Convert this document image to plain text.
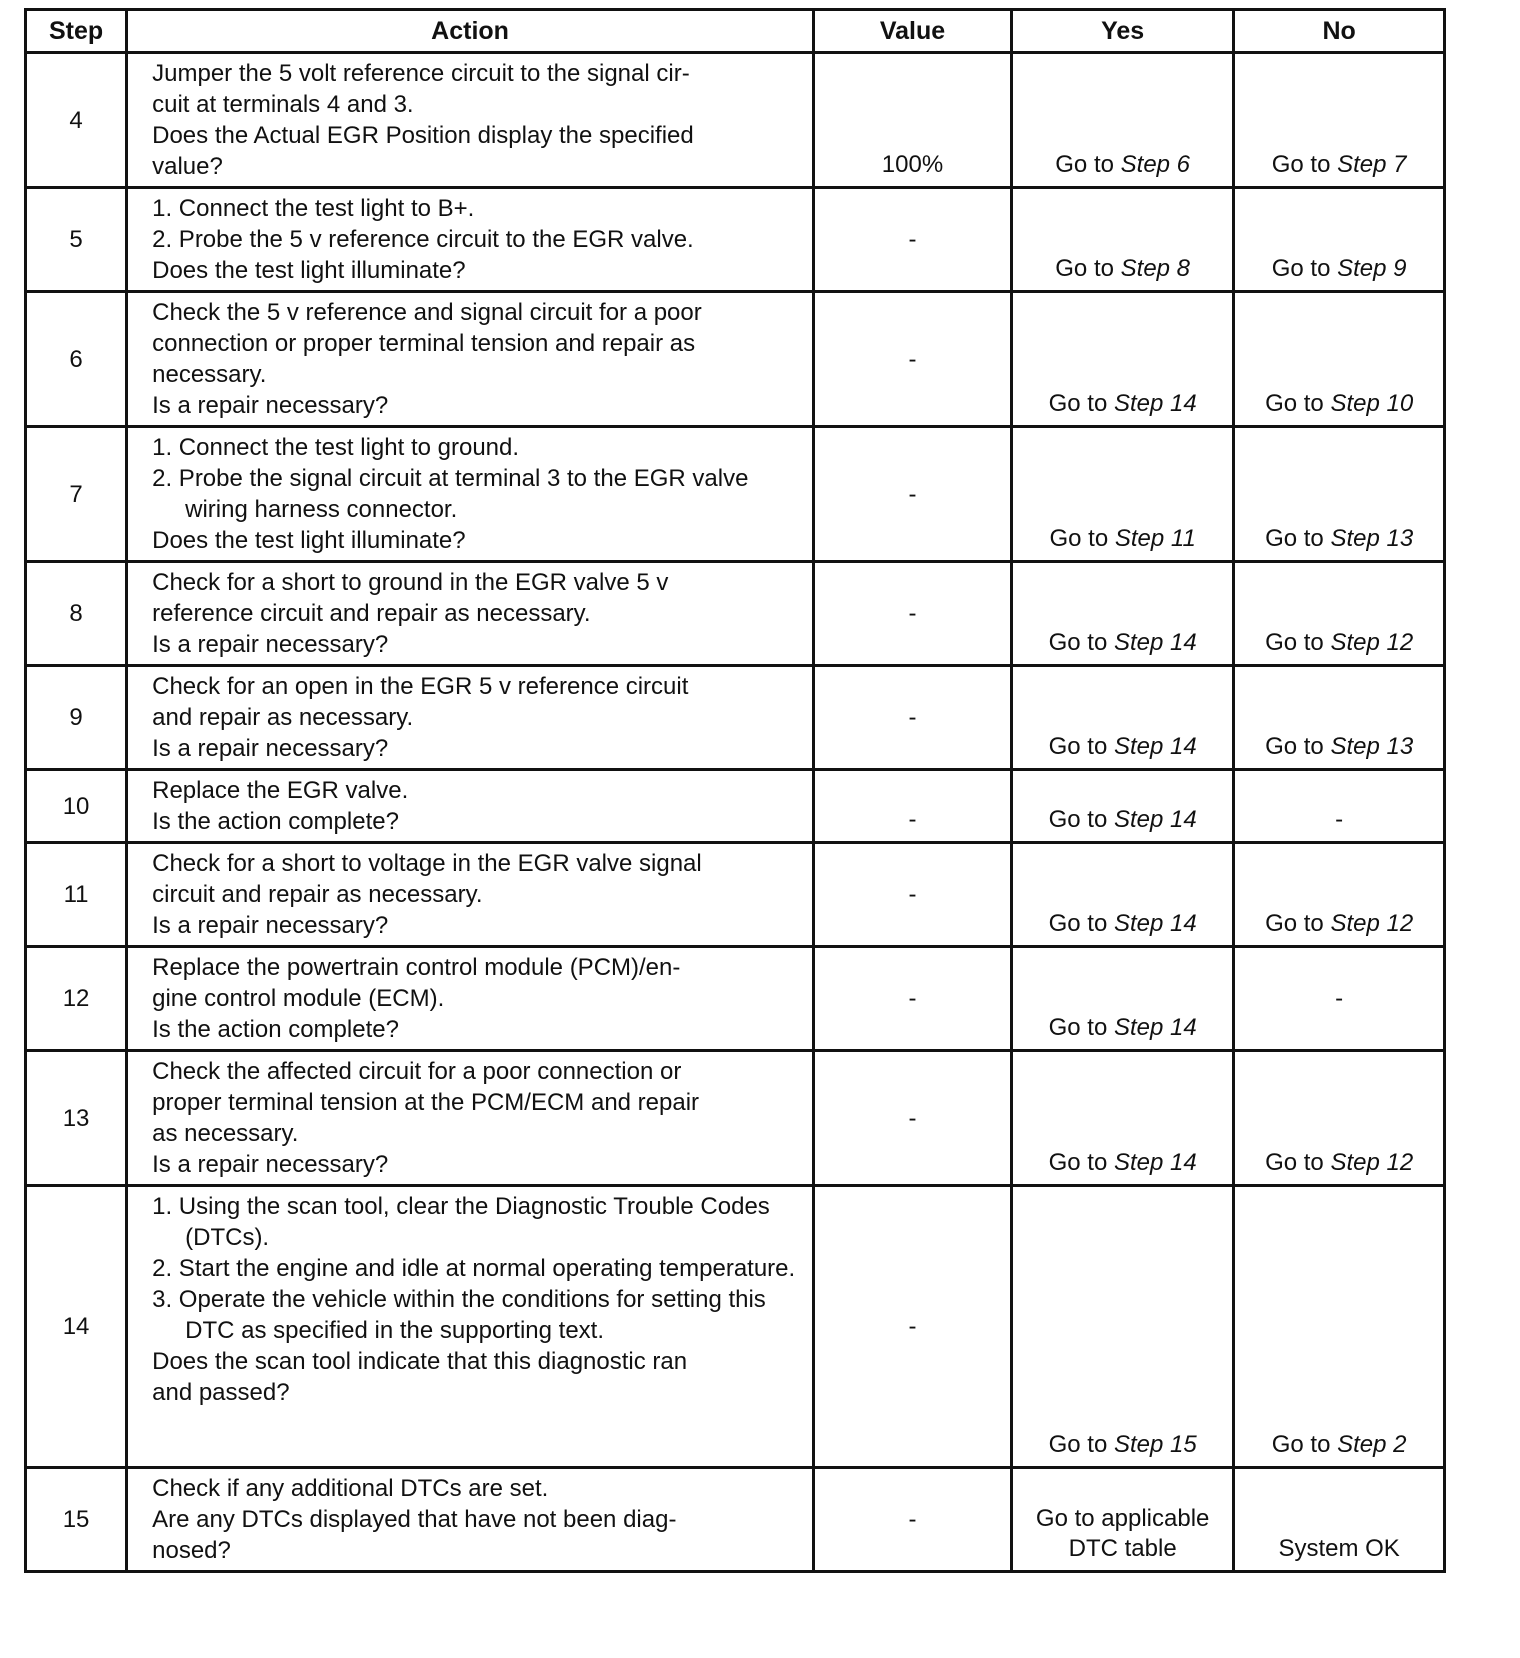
Step	Action	Value	Yes	No
4	Jumper the 5 volt reference circuit to the signal cir-
cuit at terminals 4 and 3.
Does the Actual EGR Position display the specified
value?	100%	Go to Step 6	Go to Step 7
5	1. Connect the test light to B+.
2. Probe the 5 v reference circuit to the EGR valve.
Does the test light illuminate?	-	Go to Step 8	Go to Step 9
6	Check the 5 v reference and signal circuit for a poor
connection or proper terminal tension and repair as
necessary.
Is a repair necessary?	-	Go to Step 14	Go to Step 10
7	1. Connect the test light to ground.
2. Probe the signal circuit at terminal 3 to the EGR valve wiring harness connector.
Does the test light illuminate?	-	Go to Step 11	Go to Step 13
8	Check for a short to ground in the EGR valve 5 v
reference circuit and repair as necessary.
Is a repair necessary?	-	Go to Step 14	Go to Step 12
9	Check for an open in the EGR 5 v reference circuit
and repair as necessary.
Is a repair necessary?	-	Go to Step 14	Go to Step 13
10	Replace the EGR valve.
Is the action complete?	-	Go to Step 14	-
11	Check for a short to voltage in the EGR valve signal
circuit and repair as necessary.
Is a repair necessary?	-	Go to Step 14	Go to Step 12
12	Replace the powertrain control module (PCM)/en-
gine control module (ECM).
Is the action complete?	-	Go to Step 14	-
13	Check the affected circuit for a poor connection or
proper terminal tension at the PCM/ECM and repair
as necessary.
Is a repair necessary?	-	Go to Step 14	Go to Step 12
14	1. Using the scan tool, clear the Diagnostic Trouble Codes (DTCs).
2. Start the engine and idle at normal operating temperature.
3. Operate the vehicle within the conditions for setting this DTC as specified in the supporting text.
Does the scan tool indicate that this diagnostic ran
and passed?	-	Go to Step 15	Go to Step 2
15	Check if any additional DTCs are set.
Are any DTCs displayed that have not been diag-
nosed?	-	Go to applicable
DTC table	System OK
